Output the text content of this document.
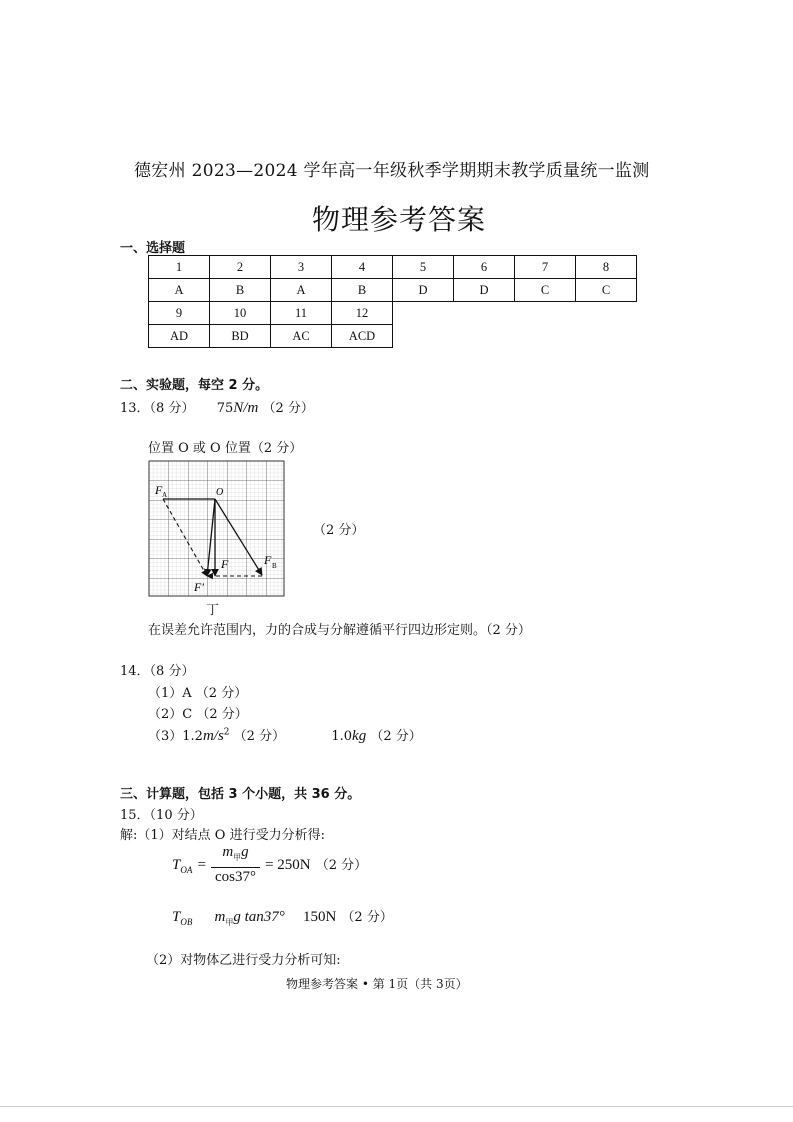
德宏州 2023—2024 学年高一年级秋季学期期末教学质量统一监测
物理参考答案
一、选择题
1	2	3	4	5	6	7	8
A	B	A	B	D	D	C	C
9	10	11	12				
AD	BD	AC	ACD				
二、实验题，每空 2 分。
13．（8 分） 75N/m （2 分）
位置 O 或 O 位置（2 分）
F A	O
F
F′
F B
丁
（2 分）
在误差允许范围内，力的合成与分解遵循平行四边形定则。（2 分）
14．（8 分）
（1）A （2 分）
（2）C （2 分）
$(3)1.2m/s^2$ （2 分）	1.0kg （2 分）
三、计算题，包括 3 个小题，共 36 分。
15．（10 分）
解:（1）对结点 O 进行受力分析得:
$T_{OA} = \frac{m_甲g}{\cos 37^\circ} = 250N$ （2 分）
$T_{OB}$ $m_甲g$ tan37° 150N （2 分）
（2）对物体乙进行受力分析可知:
物理参考答案 • 第 1页（共 3页）
